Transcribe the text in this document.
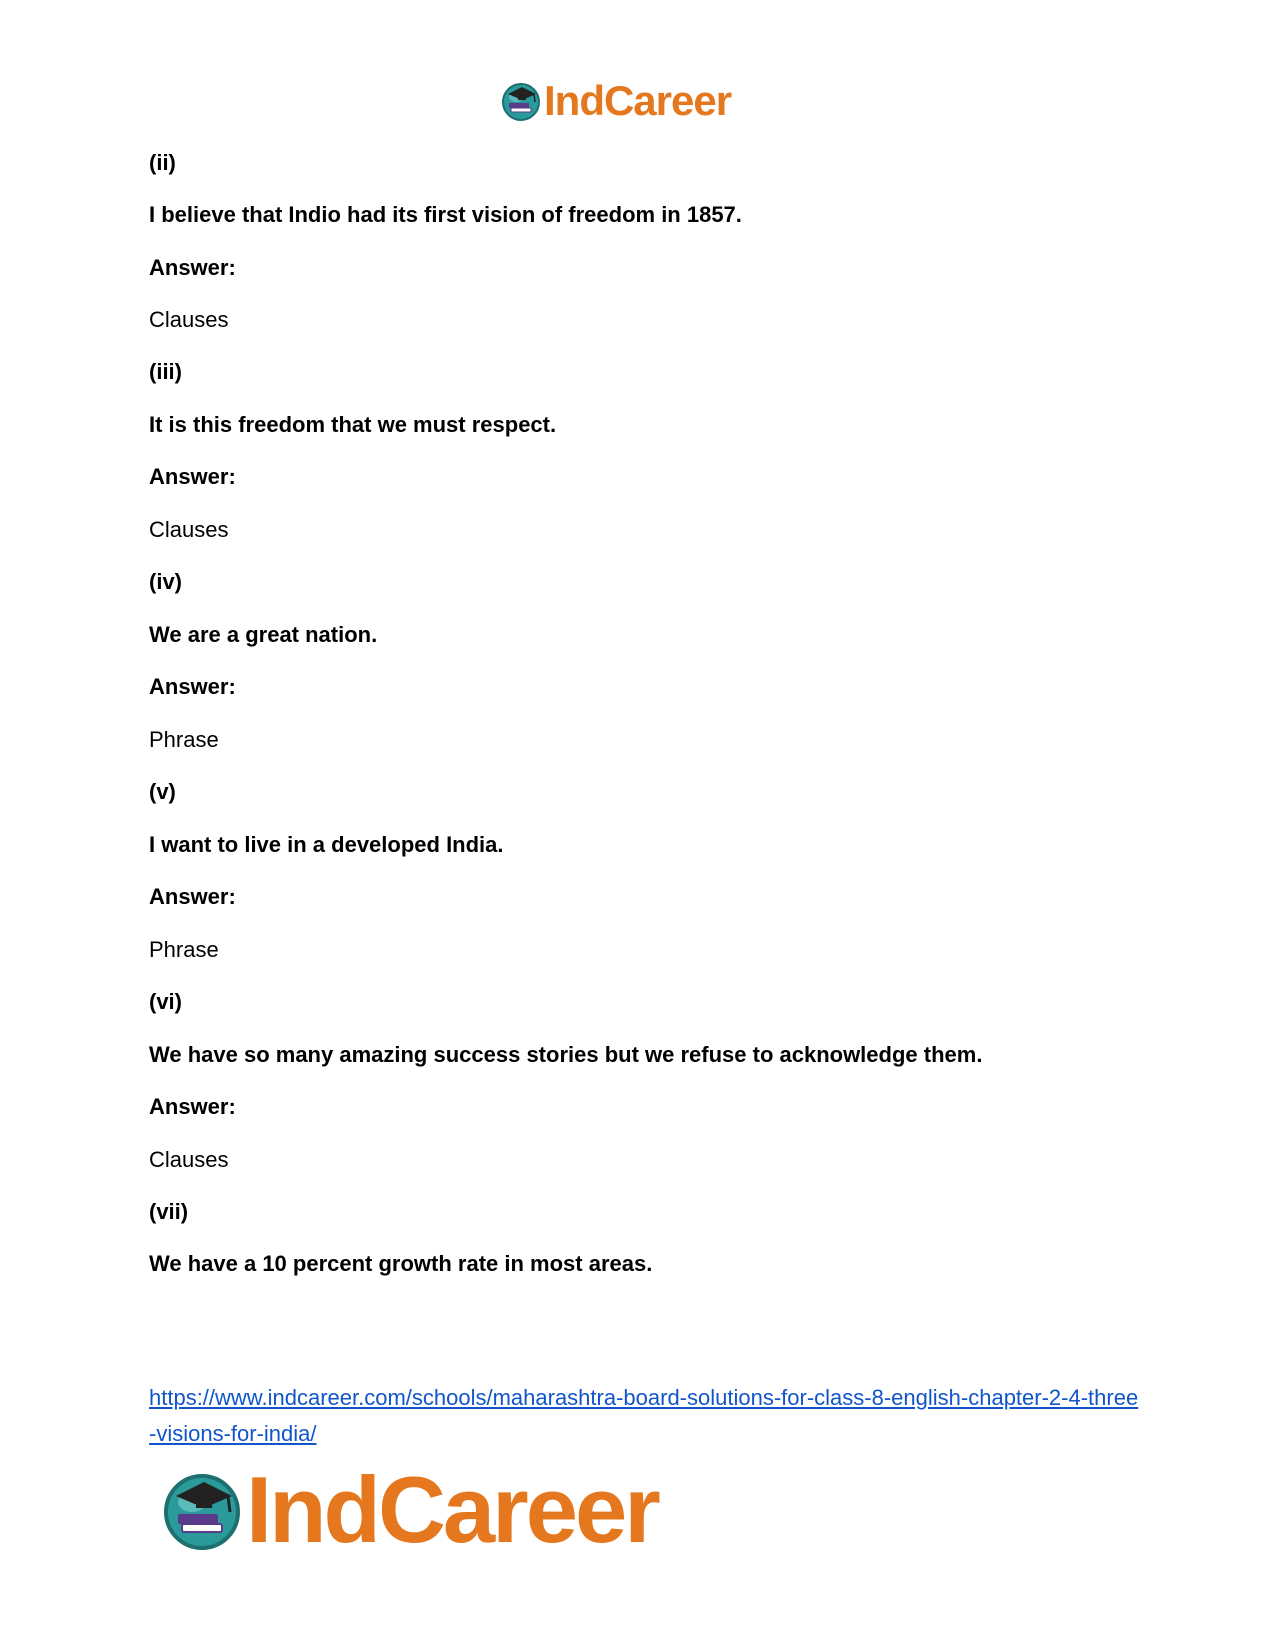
IndCareer
(ii)
I believe that Indio had its first vision of freedom in 1857.
Answer:
Clauses
(iii)
It is this freedom that we must respect.
Answer:
Clauses
(iv)
We are a great nation.
Answer:
Phrase
(v)
I want to live in a developed India.
Answer:
Phrase
(vi)
We have so many amazing success stories but we refuse to acknowledge them.
Answer:
Clauses
(vii)
We have a 10 percent growth rate in most areas.
https://www.indcareer.com/schools/maharashtra-board-solutions-for-class-8-english-chapter-2-4-three-visions-for-india/
IndCareer
